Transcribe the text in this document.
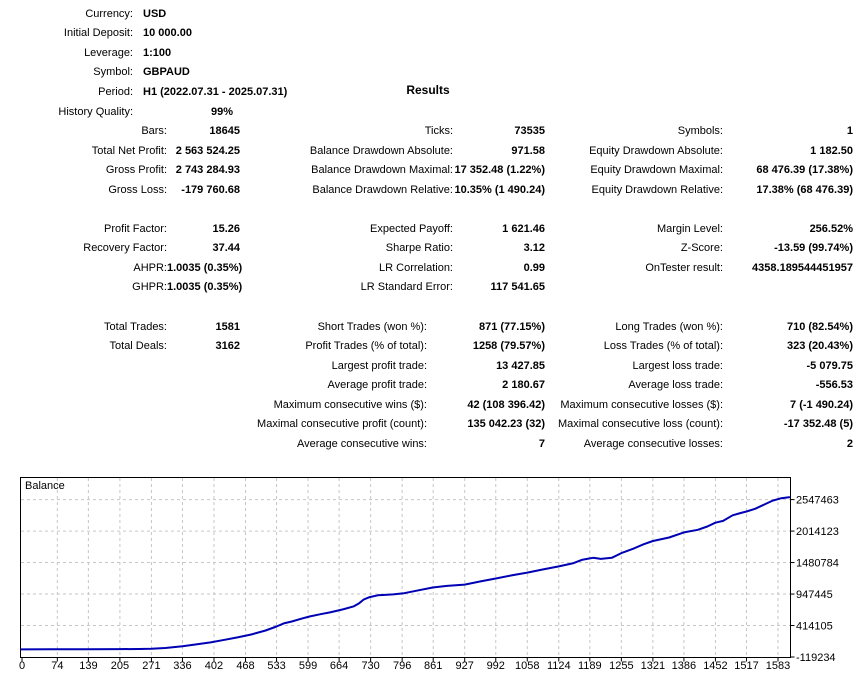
Currency: USD
Initial Deposit: 10 000.00
Leverage: 1:100
Symbol: GBPAUD
Period: H1 (2022.07.31 - 2025.07.31)
History Quality:	99%
Bars:	18645	Ticks:	73535	Symbols:	1
Total Net Profit: 2 563 524.25	Balance Drawdown Absolute:	971.58	Equity Drawdown Absolute:	1 182.50
Gross Profit: 2 743 284.93	Balance Drawdown Maximal: 17 352.48 (1.22%)	Equity Drawdown Maximal:	68 476.39 (17.38%)
Gross Loss:	-179 760.68	Balance Drawdown Relative: 10.35% (1 490.24)	Equity Drawdown Relative:	17.38% (68 476.39)
Profit Factor:	15.26	Expected Payoff:	1 621.46	Margin Level:	256.52%
Recovery Factor:	37.44	Sharpe Ratio:	3.12	Z-Score:	-13.59 (99.74%)
AHPR: 1.0035 (0.35%)	LR Correlation:	0.99	OnTester result:	4358.189544451957
GHPR: 1.0035 (0.35%)	LR Standard Error:	117 541.65
Total Trades:	1581	Short Trades (won %):	871 (77.15%)	Long Trades (won %):	710 (82.54%)
Total Deals:	3162	Profit Trades (% of total):	1258 (79.57%)	Loss Trades (% of total):	323 (20.43%)
Largest profit trade:	13 427.85	Largest loss trade:	-5 079.75
Average profit trade:	2 180.67	Average loss trade:	-556.53
Maximum consecutive wins ($):	42 (108 396.42)	Maximum consecutive losses ($):	7 (-1 490.24)
Maximal consecutive profit (count):	135 042.23 (32)	Maximal consecutive loss (count):	-17 352.48 (5)
Average consecutive wins:	7	Average consecutive losses:	2
Results
0 74 139 205 271 336 402 468 533 599 664 730 796 861 927 992 1058 1124 1189 1255 1321 1386 1452 1517 1583
2547463
2014123
1480784
947445
414105
-119234
Balance
